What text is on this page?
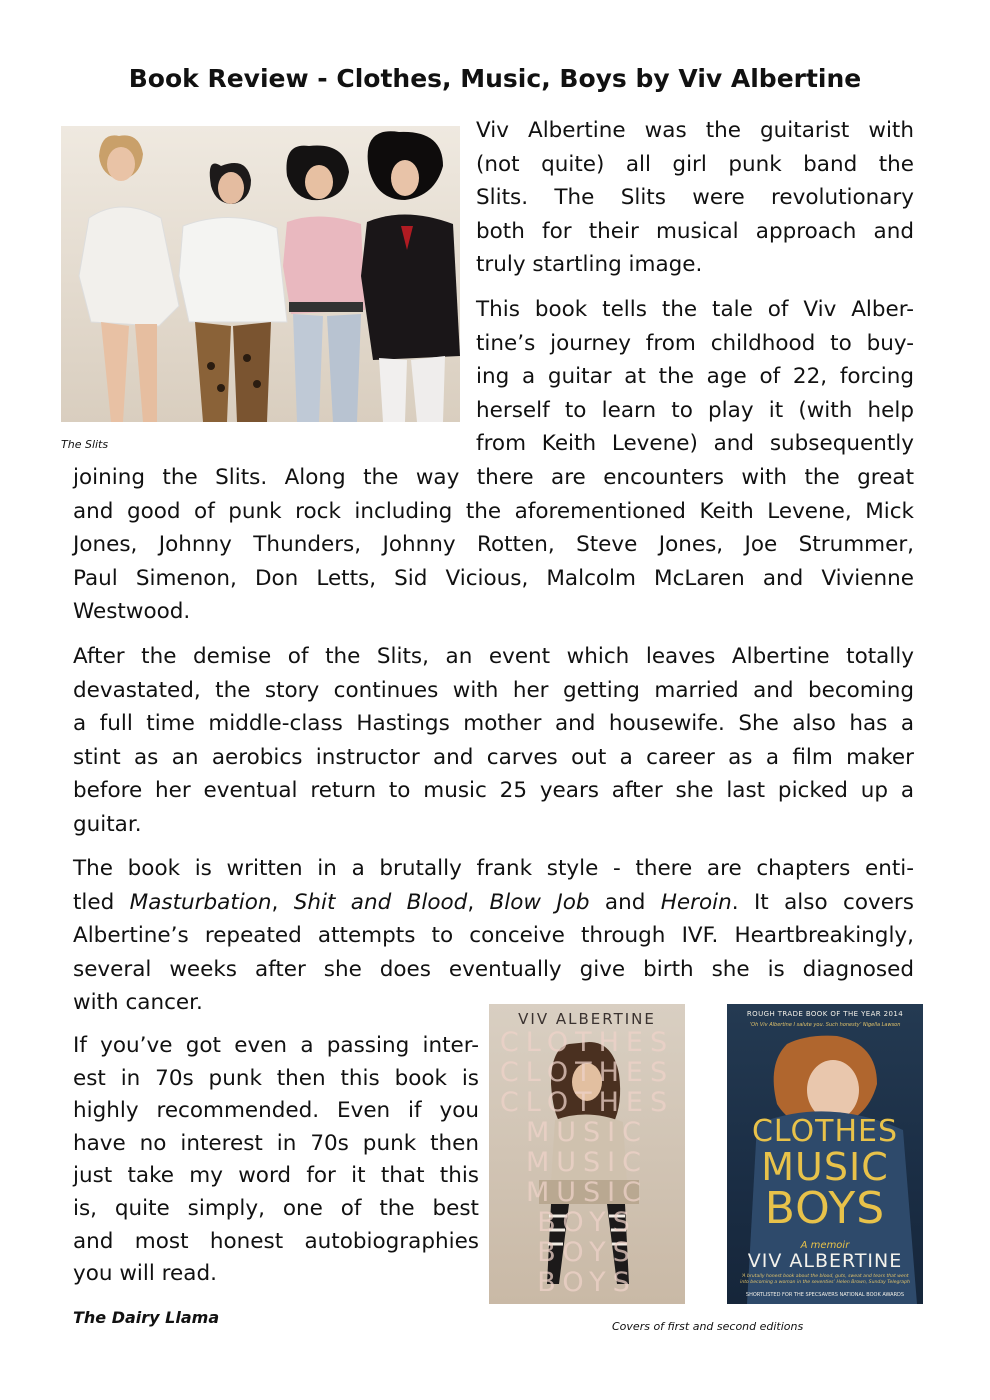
Book Review - Clothes, Music, Boys by Viv Albertine

The Slits

Viv Albertine was the guitarist with
(not quite) all girl punk band the
Slits. The Slits were revolutionary
both for their musical approach and
truly startling image.
This book tells the tale of Viv Alber-
tine’s journey from childhood to buy-
ing a guitar at the age of 22, forcing
herself to learn to play it (with help
from Keith Levene) and subsequently
joining the Slits. Along the way there are encounters with the great
and good of punk rock including the aforementioned Keith Levene, Mick
Jones, Johnny Thunders, Johnny Rotten, Steve Jones, Joe Strummer,
Paul Simenon, Don Letts, Sid Vicious, Malcolm McLaren and Vivienne
Westwood.
After the demise of the Slits, an event which leaves Albertine totally
devastated, the story continues with her getting married and becoming
a full time middle-class Hastings mother and housewife. She also has a
stint as an aerobics instructor and carves out a career as a film maker
before her eventual return to music 25 years after she last picked up a
guitar.
The book is written in a brutally frank style - there are chapters enti-
tled Masturbation, Shit and Blood, Blow Job and Heroin. It also covers
Albertine’s repeated attempts to conceive through IVF. Heartbreakingly,
several weeks after she does eventually give birth she is diagnosed
with cancer.
If you’ve got even a passing inter-
est in 70s punk then this book is
highly recommended. Even if you
have no interest in 70s punk then
just take my word for it that this
is, quite simply, one of the best
and most honest autobiographies
you will read.
VIV ALBERTINE
CLOTHES
CLOTHES
CLOTHES
MUSIC
MUSIC
MUSIC
BOYS
BOYS
BOYS
ROUGH TRADE BOOK OF THE YEAR 2014
‘Oh Viv Albertine I salute you. Such honesty’ Nigella Lawson
CLOTHES
MUSIC
BOYS
A memoir
VIV ALBERTINE
‘A brutally honest book about the blood, guts, sweat and tears that went into becoming a woman in the seventies’ Helen Brown, Sunday Telegraph
SHORTLISTED FOR THE SPECSAVERS NATIONAL BOOK AWARDS

Covers of first and second editions

The Dairy Llama
